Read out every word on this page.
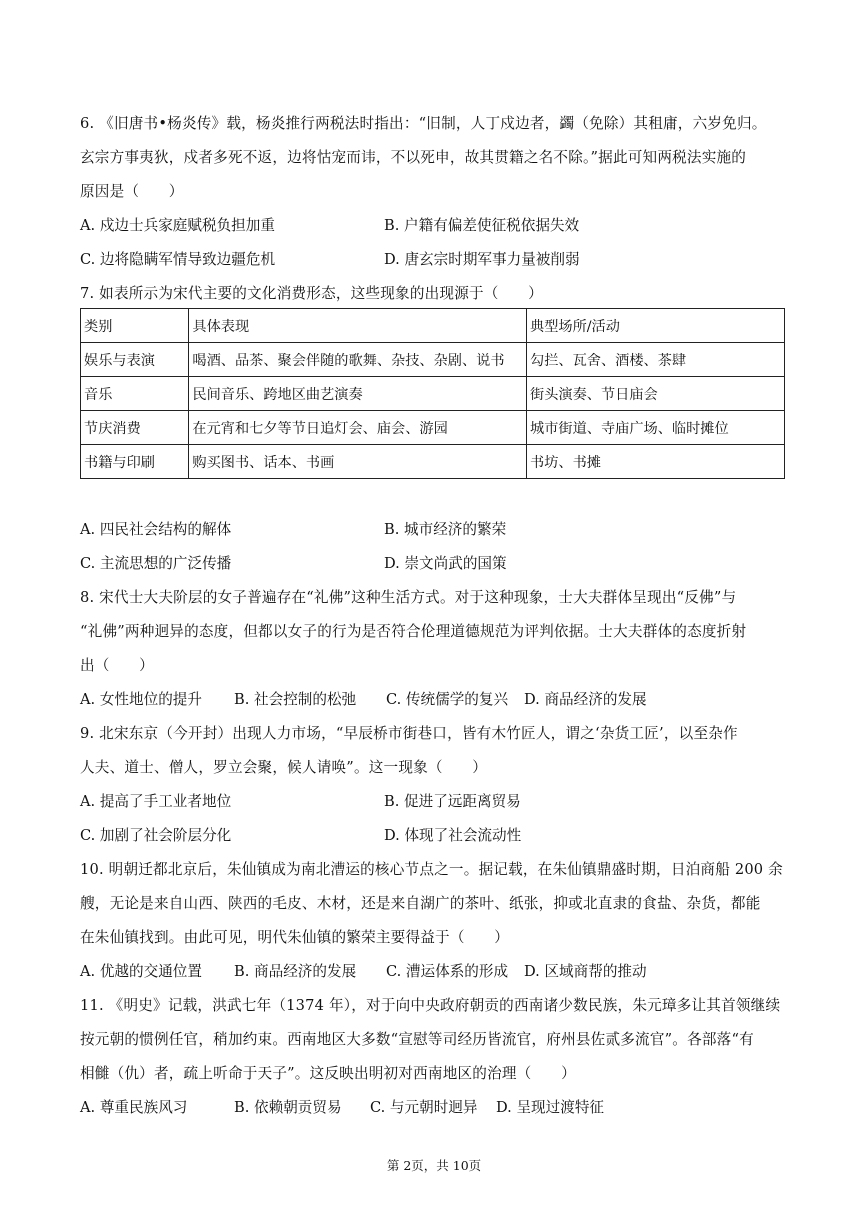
6. 《旧唐书•杨炎传》载，杨炎推行两税法时指出：“旧制，人丁戍边者，蠲（免除）其租庸，六岁免归。
玄宗方事夷狄，戍者多死不返，边将怙宠而讳，不以死申，故其贯籍之名不除。”据此可知两税法实施的
原因是（　　）
A. 戍边士兵家庭赋税负担加重	B. 户籍有偏差使征税依据失效
C. 边将隐瞒军情导致边疆危机	D. 唐玄宗时期军事力量被削弱
7. 如表所示为宋代主要的文化消费形态，这些现象的出现源于（　　）
类别	具体表现	典型场所/活动
娱乐与表演	喝酒、品茶、聚会伴随的歌舞、杂技、杂剧、说书	勾拦、瓦舍、酒楼、茶肆
音乐	民间音乐、跨地区曲艺演奏	街头演奏、节日庙会
节庆消费	在元宵和七夕等节日追灯会、庙会、游园	城市街道、寺庙广场、临时摊位
书籍与印刷	购买图书、话本、书画	书坊、书摊
A. 四民社会结构的解体	B. 城市经济的繁荣
C. 主流思想的广泛传播	D. 崇文尚武的国策
8. 宋代士大夫阶层的女子普遍存在“礼佛”这种生活方式。对于这种现象，士大夫群体呈现出“反佛”与
“礼佛”两种迥异的态度，但都以女子的行为是否符合伦理道德规范为评判依据。士大夫群体的态度折射
出（　　）
A. 女性地位的提升 B. 社会控制的松弛 C. 传统儒学的复兴 D. 商品经济的发展
9. 北宋东京（今开封）出现人力市场，“早辰桥市街巷口，皆有木竹匠人，谓之‘杂货工匠’，以至杂作
人夫、道士、僧人，罗立会聚，候人请唤”。这一现象（　　）
A. 提高了手工业者地位	B. 促进了远距离贸易
C. 加剧了社会阶层分化	D. 体现了社会流动性
10. 明朝迁都北京后，朱仙镇成为南北漕运的核心节点之一。据记载，在朱仙镇鼎盛时期，日泊商船 200 余
艘，无论是来自山西、陕西的毛皮、木材，还是来自湖广的茶叶、纸张，抑或北直隶的食盐、杂货，都能
在朱仙镇找到。由此可见，明代朱仙镇的繁荣主要得益于（　　）
A. 优越的交通位置 B. 商品经济的发展 C. 漕运体系的形成 D. 区域商帮的推动
11. 《明史》记载，洪武七年（1374 年），对于向中央政府朝贡的西南诸少数民族，朱元璋多让其首领继续
按元朝的惯例任官，稍加约束。西南地区大多数“宣慰等司经历皆流官，府州县佐贰多流官”。各部落“有
相雠（仇）者，疏上听命于天子”。这反映出明初对西南地区的治理（　　）
A. 尊重民族风习	B. 依赖朝贡贸易 C. 与元朝时迥异 D. 呈现过渡特征
第 2页，共 10页
